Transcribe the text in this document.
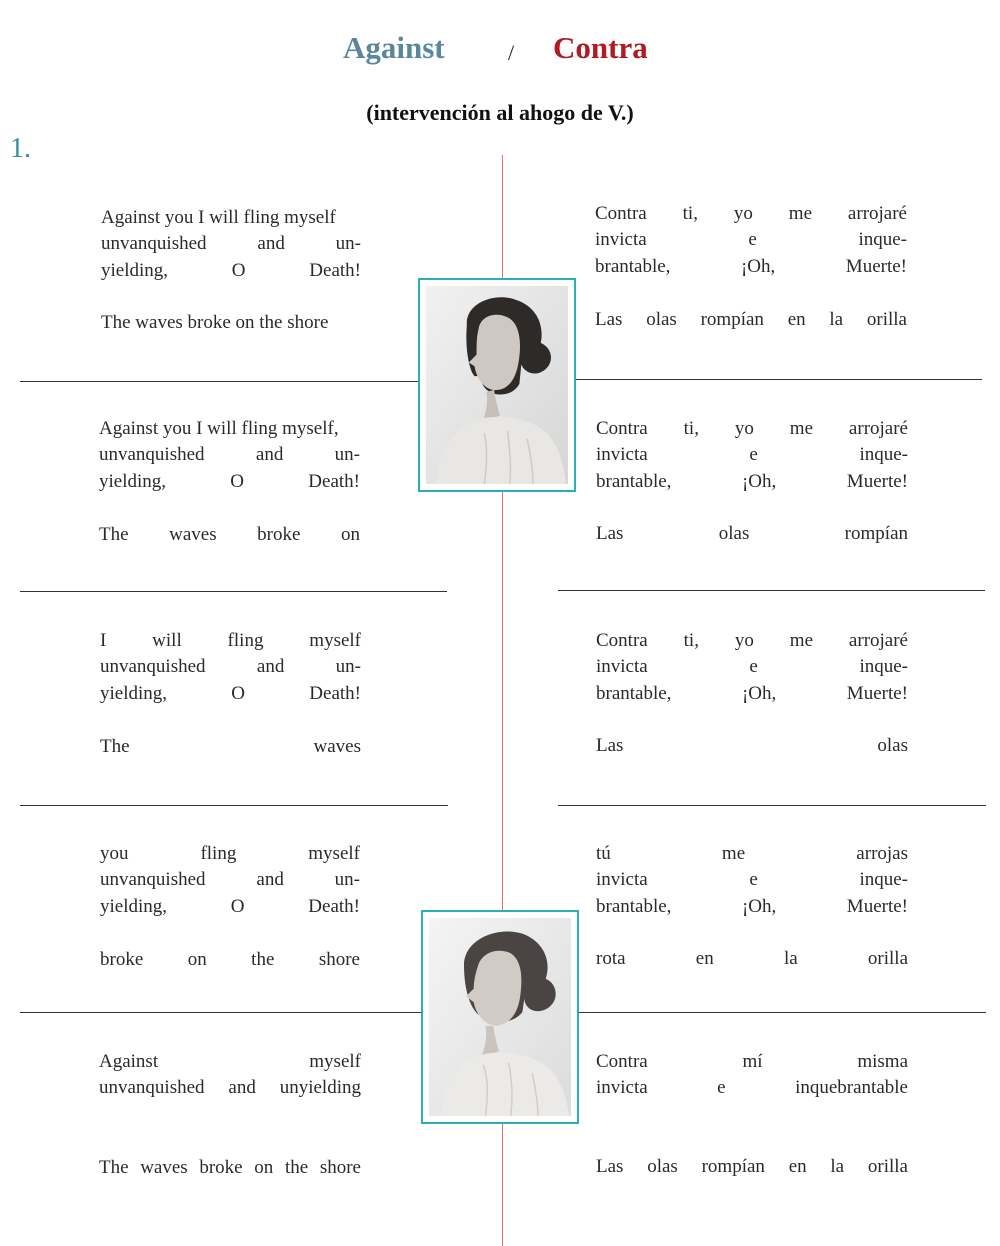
Against	/ Contra
(intervención al ahogo de V.)
1.
Against you I will fling myself
unvanquished and un-
yielding, O Death!
The waves broke on the shore
Contra ti, yo me arrojaré
invicta e inque-
brantable, ¡Oh, Muerte!
Las olas rompían en la orilla
Against you I will fling myself,
unvanquished and un-
yielding, O Death!
The waves broke on
Contra ti, yo me arrojaré
invicta e inque-
brantable, ¡Oh, Muerte!
Las olas rompían
I will fling myself
unvanquished and un-
yielding, O Death!
The waves
Contra ti, yo me arrojaré
invicta e inque-
brantable, ¡Oh, Muerte!
Las olas
you fling myself
unvanquished and un-
yielding, O Death!
broke on the shore
tú me arrojas
invicta e inque-
brantable, ¡Oh, Muerte!
rota en la orilla
Against myself
unvanquished and unyielding
The waves broke on the shore
Contra mí misma
invicta e inquebrantable
Las olas rompían en la orilla
